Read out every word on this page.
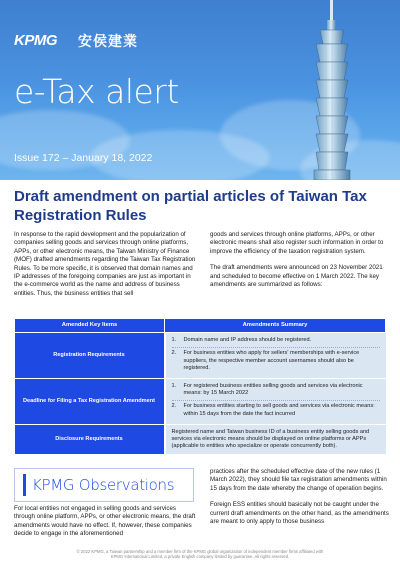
KPMG 安侯建業
e-Tax alert
Issue 172 – January 18, 2022
Draft amendment on partial articles of Taiwan Tax Registration Rules

In response to the rapid development and the popularization of companies selling goods and services through online platforms, APPs, or other electronic means, the Taiwan Ministry of Finance (MOF) drafted amendments regarding the Taiwan Tax Registration Rules. To be more specific, it is observed that domain names and IP addresses of the foregoing companies are just as important in the e-commerce world as the name and address of business entities. Thus, the business entities that sell

goods and services through online platforms, APPs, or other electronic means shall also register such information in order to improve the efficiency of the taxation registration system.

The draft amendments were announced on 23 November 2021 and scheduled to become effective on 1 March 2022. The key amendments are summarized as follows:

Amended Key Items	Amendments Summary
Registration Requirements	1. Domain name and IP address should be registered.
2. For business entities who apply for sellers' memberships with e-service suppliers, the respective member account usernames should also be registered.

Deadline for Filing a Tax Registration Amendment	1. For registered business entities selling goods and services via electronic means: by 15 March 2022
2. For business entities starting to sell goods and services via electronic means: within 15 days from the date the fact incurred

Disclosure Requirements	Registered name and Taiwan business ID of a business entity selling goods and services via electronic means should be displayed on online platforms or APPs (applicable to entities who specialize or operate concurrently both).
KPMG Observations

For local entities not engaged in selling goods and services through online platform, APPs, or other electronic means, the draft amendments would have no effect. If, however, these companies decide to engage in the aforementioned

practices after the scheduled effective date of the new rules (1 March 2022), they should file tax registration amendments within 15 days from the date whereby the change of operation begins.

Foreign ESS entities should basically not be caught under the current draft amendments on the other hand, as the amendments are meant to only apply to those business

© 2022 KPMG, a Taiwan partnership and a member firm of the KPMG global organization of independent member firms affiliated with KPMG International Limited, a private English company limited by guarantee. All rights reserved.
